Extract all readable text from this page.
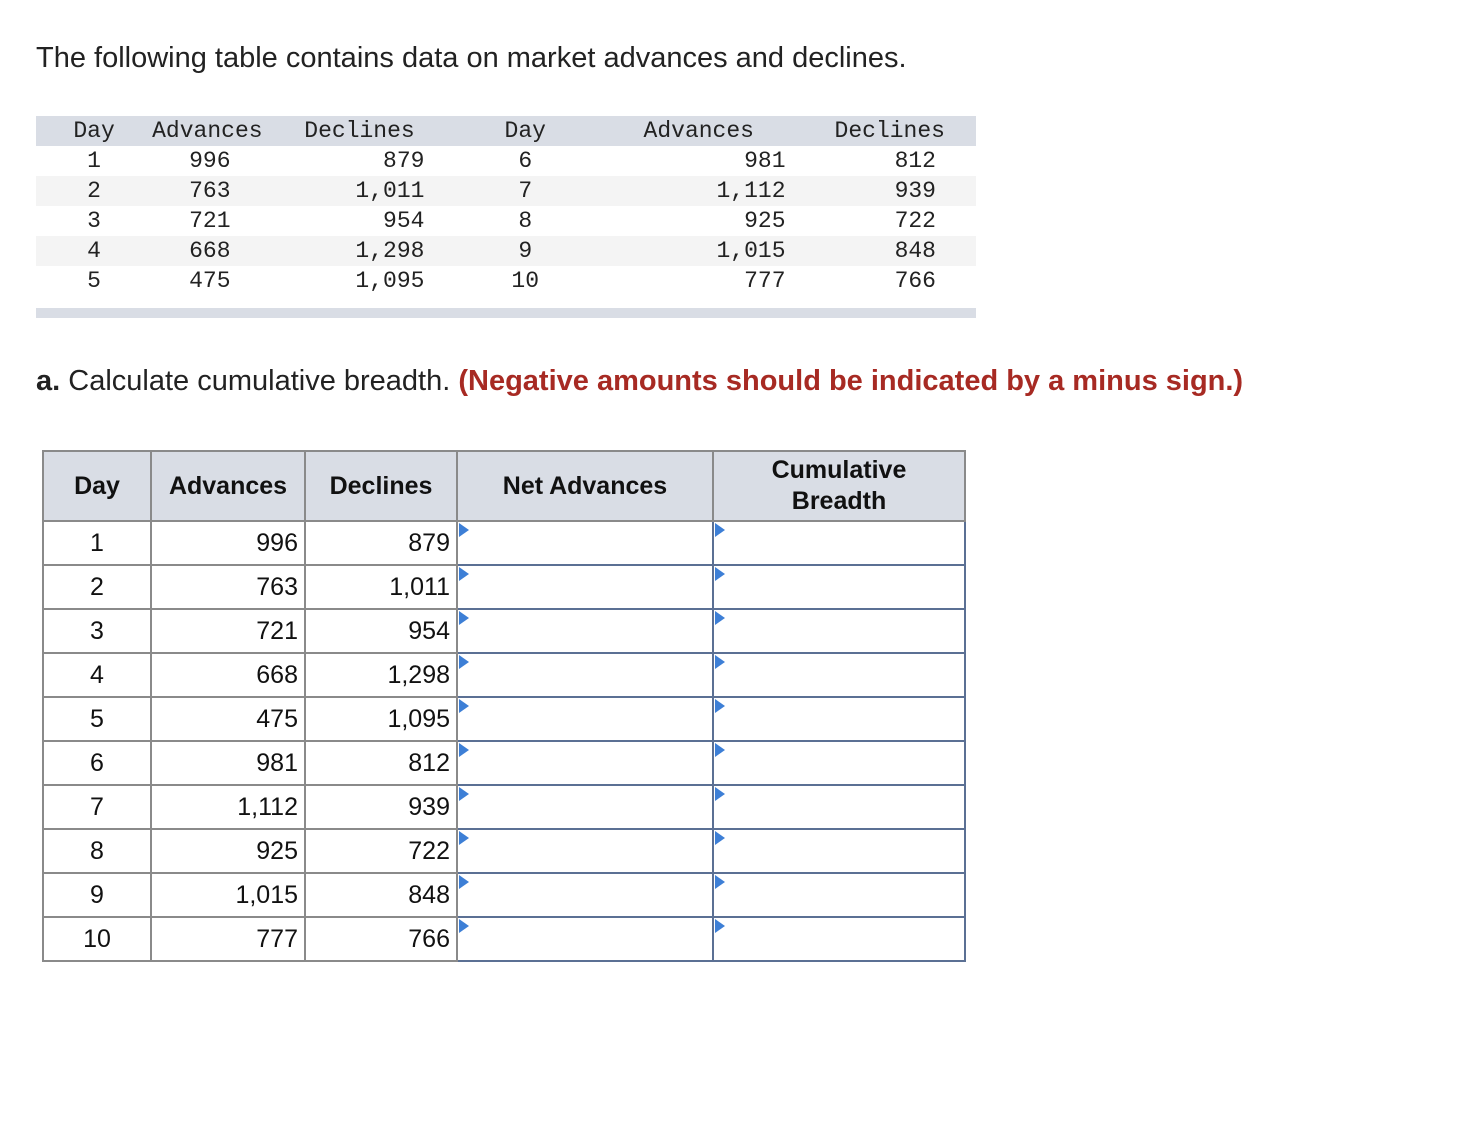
The following table contains data on market advances and declines.

Day	Advances	Declines	Day	Advances	Declines
1	996	879	6	981	812
2	763	1,011	7	1,112	939
3	721	954	8	925	722
4	668	1,298	9	1,015	848
5	475	1,095	10	777	766

a. Calculate cumulative breadth. (Negative amounts should be indicated by a minus sign.)

Day	Advances	Declines	Net Advances	Cumulative
Breadth
1	996	879	

2	763	1,011	

3	721	954	

4	668	1,298	

5	475	1,095	

6	981	812	

7	1,112	939	

8	925	722	

9	1,015	848	

10	777	766	
